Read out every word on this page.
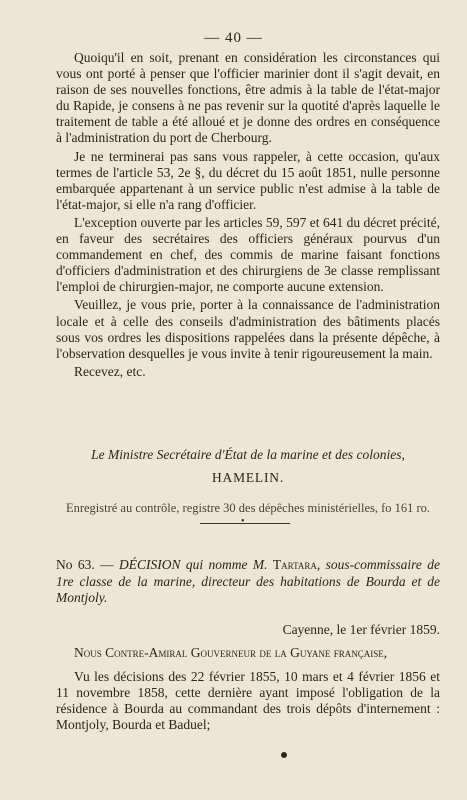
— 40 —

Quoiqu'il en soit, prenant en considération les circonstances qui vous ont porté à penser que l'officier marinier dont il s'agit devait, en raison de ses nouvelles fonctions, être admis à la table de l'état-major du Rapide, je consens à ne pas revenir sur la quotité d'après laquelle le traitement de table a été alloué et je donne des ordres en conséquence à l'administration du port de Cherbourg.

Je ne terminerai pas sans vous rappeler, à cette occasion, qu'aux termes de l'article 53, 2e §, du décret du 15 août 1851, nulle personne embarquée appartenant à un service public n'est admise à la table de l'état-major, si elle n'a rang d'officier.

L'exception ouverte par les articles 59, 597 et 641 du décret précité, en faveur des secrétaires des officiers généraux pourvus d'un commandement en chef, des commis de marine faisant fonctions d'officiers d'administration et des chirurgiens de 3e classe remplissant l'emploi de chirurgien-major, ne comporte aucune extension.

Veuillez, je vous prie, porter à la connaissance de l'administration locale et à celle des conseils d'administration des bâtiments placés sous vos ordres les dispositions rappelées dans la présente dépêche, à l'observation desquelles je vous invite à tenir rigoureusement la main.

Recevez, etc.

Le Ministre Secrétaire d'État de la marine et des colonies,
HAMELIN.
Enregistré au contrôle, registre 30 des dépêches ministérielles, fo 161 ro.
•
No 63. — DÉCISION qui nomme M. Tartara, sous-commissaire de 1re classe de la marine, directeur des habitations de Bourda et de Montjoly.
Cayenne, le 1er février 1859.
Nous Contre-Amiral Gouverneur de la Guyane française,

Vu les décisions des 22 février 1855, 10 mars et 4 février 1856 et 11 novembre 1858, cette dernière ayant imposé l'obligation de la résidence à Bourda au commandant des trois dépôts d'internement : Montjoly, Bourda et Baduel;
